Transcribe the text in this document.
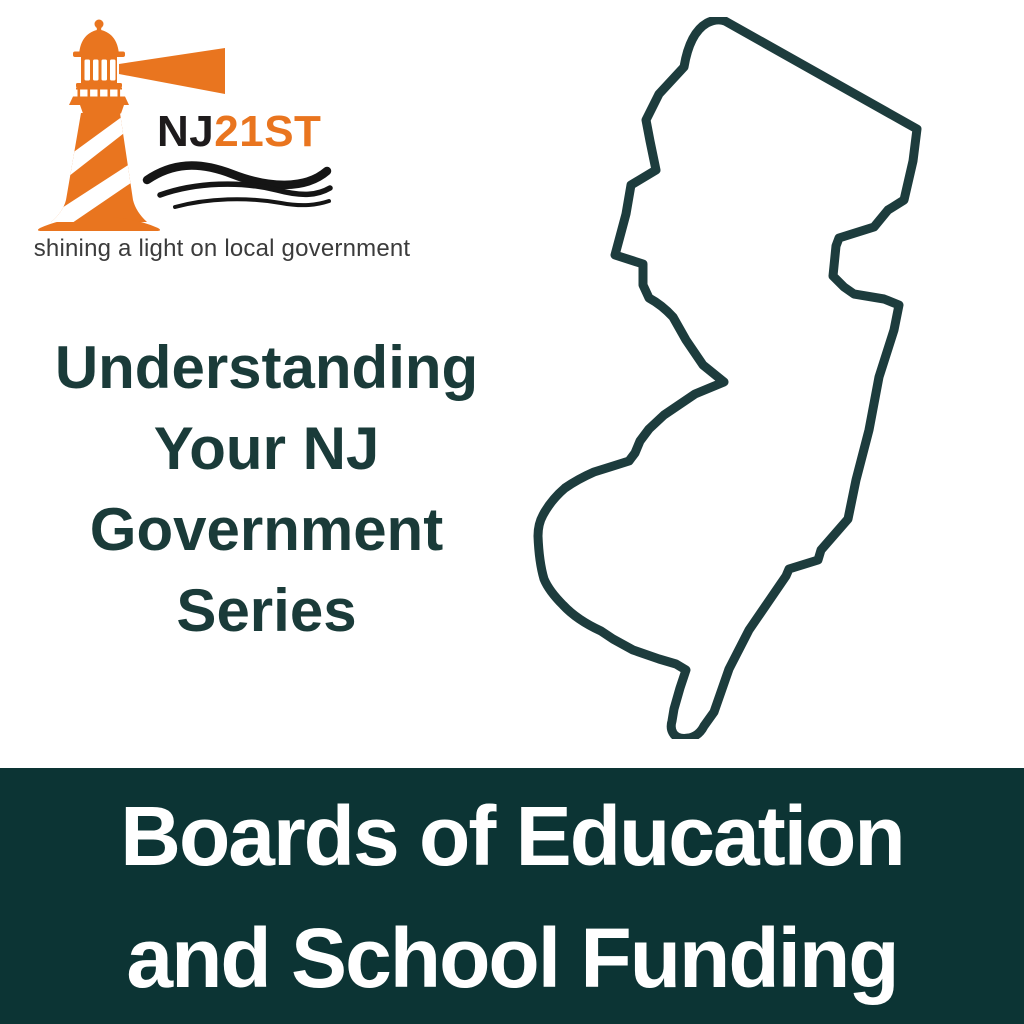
NJ21ST
shining a light on local government
Understanding
Your NJ
Government
Series
Boards of Education
and School Funding
